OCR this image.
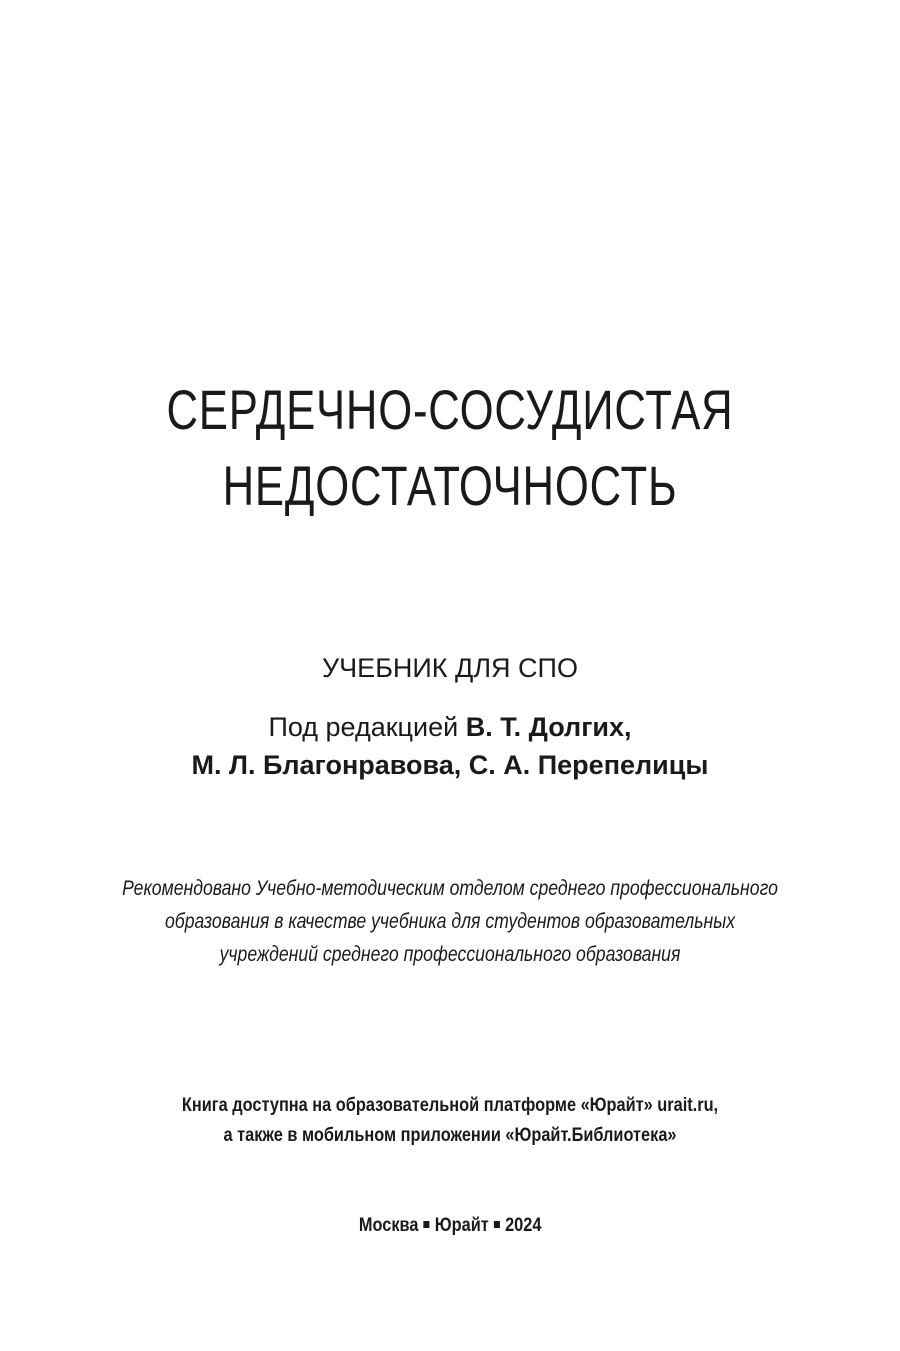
СЕРДЕЧНО-СОСУДИСТАЯ
НЕДОСТАТОЧНОСТЬ
УЧЕБНИК ДЛЯ СПО
Под редакцией В. Т. Долгих,
М. Л. Благонравова, С. А. Перепелицы
Рекомендовано Учебно-методическим отделом среднего профессионального
образования в качестве учебника для студентов образовательных
учреждений среднего профессионального образования
Книга доступна на образовательной платформе «Юрайт» urait.ru,
а также в мобильном приложении «Юрайт.Библиотека»
Москва Юрайт 2024
